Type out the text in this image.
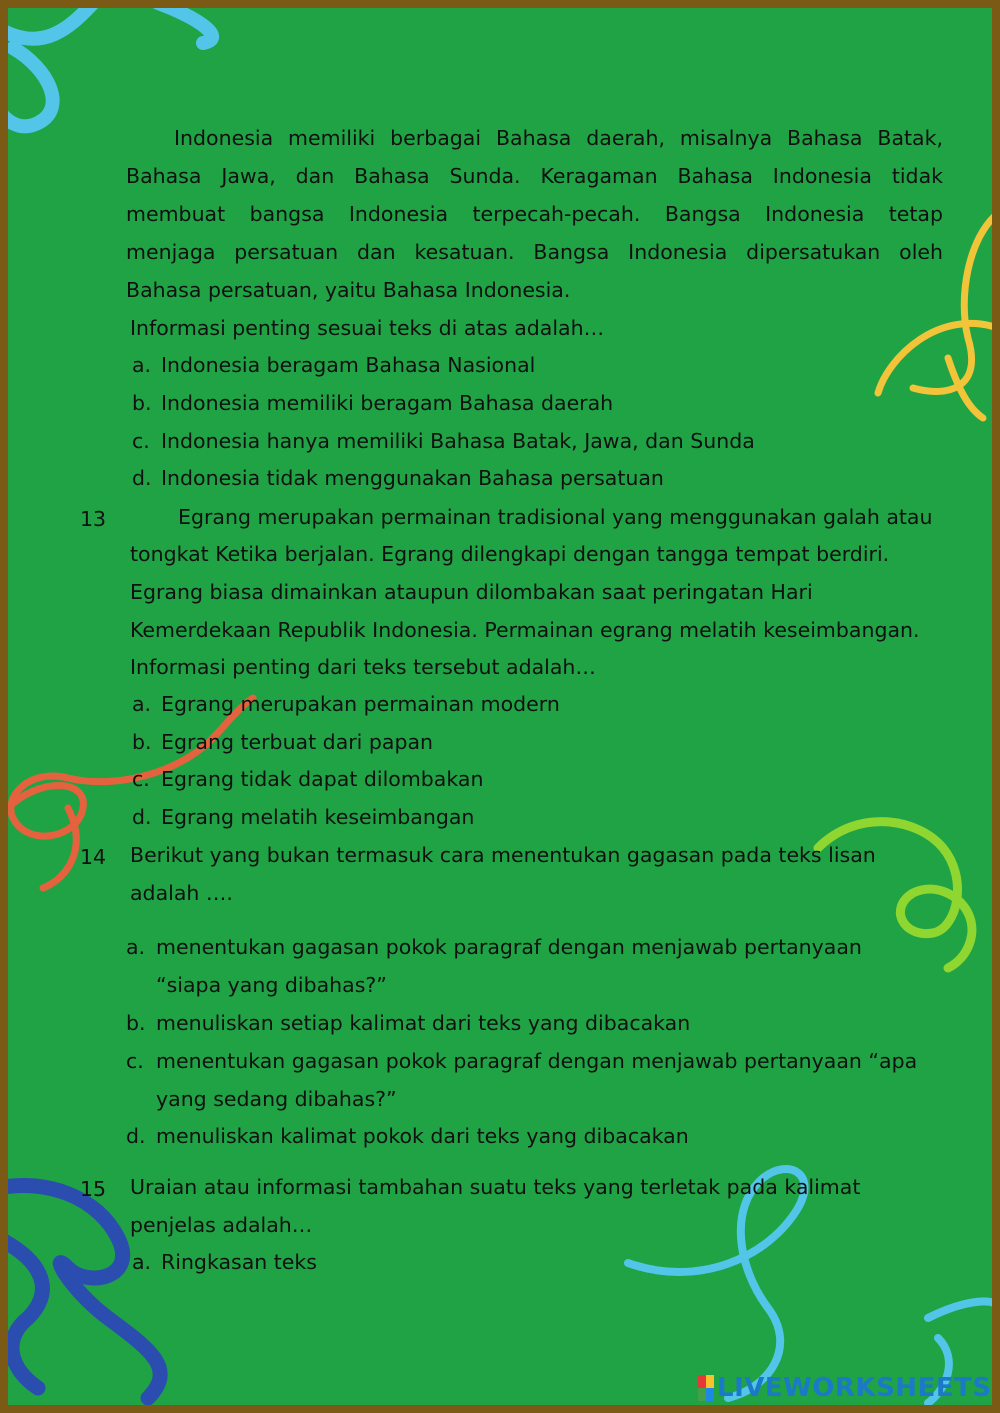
Indonesia memiliki berbagai Bahasa daerah, misalnya Bahasa Batak,
Bahasa Jawa, dan Bahasa Sunda. Keragaman Bahasa Indonesia tidak
membuat bangsa Indonesia terpecah-pecah. Bangsa Indonesia tetap
menjaga persatuan dan kesatuan. Bangsa Indonesia dipersatukan oleh
Bahasa persatuan, yaitu Bahasa Indonesia.
Informasi penting sesuai teks di atas adalah…
a. Indonesia beragam Bahasa Nasional
b. Indonesia memiliki beragam Bahasa daerah
c. Indonesia hanya memiliki Bahasa Batak, Jawa, dan Sunda
d. Indonesia tidak menggunakan Bahasa persatuan
13	Egrang merupakan permainan tradisional yang menggunakan galah atau
tongkat Ketika berjalan. Egrang dilengkapi dengan tangga tempat berdiri.
Egrang biasa dimainkan ataupun dilombakan saat peringatan Hari
Kemerdekaan Republik Indonesia. Permainan egrang melatih keseimbangan.
Informasi penting dari teks tersebut adalah…
a. Egrang merupakan permainan modern
b. Egrang terbuat dari papan
c. Egrang tidak dapat dilombakan
d. Egrang melatih keseimbangan
14 Berikut yang bukan termasuk cara menentukan gagasan pada teks lisan
adalah ….
a. menentukan gagasan pokok paragraf dengan menjawab pertanyaan
“siapa yang dibahas?”
b. menuliskan setiap kalimat dari teks yang dibacakan
c. menentukan gagasan pokok paragraf dengan menjawab pertanyaan “apa
yang sedang dibahas?”
d. menuliskan kalimat pokok dari teks yang dibacakan
15 Uraian atau informasi tambahan suatu teks yang terletak pada kalimat
penjelas adalah…
a. Ringkasan teks
LIVEWORKSHEETS
